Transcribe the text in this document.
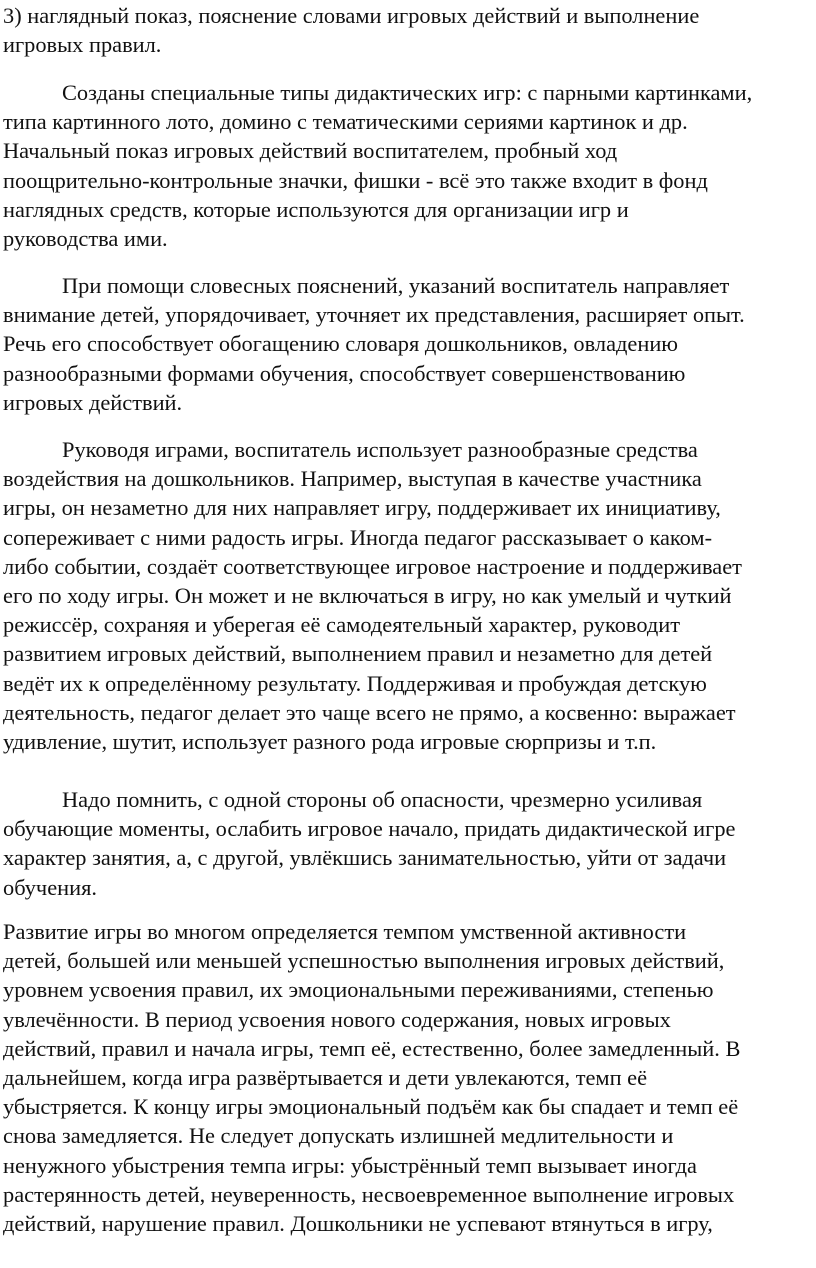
3) наглядный показ, пояснение словами игровых действий и выполнение
игровых правил.

Созданы специальные типы дидактических игр: с парными картинками,
типа картинного лото, домино с тематическими сериями картинок и др.
Начальный показ игровых действий воспитателем, пробный ход
поощрительно-контрольные значки, фишки - всё это также входит в фонд
наглядных средств, которые используются для организации игр и
руководства ими.

При помощи словесных пояснений, указаний воспитатель направляет
внимание детей, упорядочивает, уточняет их представления, расширяет опыт.
Речь его способствует обогащению словаря дошкольников, овладению
разнообразными формами обучения, способствует совершенствованию
игровых действий.

Руководя играми, воспитатель использует разнообразные средства
воздействия на дошкольников. Например, выступая в качестве участника
игры, он незаметно для них направляет игру, поддерживает их инициативу,
сопереживает с ними радость игры. Иногда педагог рассказывает о каком-
либо событии, создаёт соответствующее игровое настроение и поддерживает
его по ходу игры. Он может и не включаться в игру, но как умелый и чуткий
режиссёр, сохраняя и уберегая её самодеятельный характер, руководит
развитием игровых действий, выполнением правил и незаметно для детей
ведёт их к определённому результату. Поддерживая и пробуждая детскую
деятельность, педагог делает это чаще всего не прямо, а косвенно: выражает
удивление, шутит, использует разного рода игровые сюрпризы и т.п.

Надо помнить, с одной стороны об опасности, чрезмерно усиливая
обучающие моменты, ослабить игровое начало, придать дидактической игре
характер занятия, а, с другой, увлёкшись занимательностью, уйти от задачи
обучения.

Развитие игры во многом определяется темпом умственной активности
детей, большей или меньшей успешностью выполнения игровых действий,
уровнем усвоения правил, их эмоциональными переживаниями, степенью
увлечённости. В период усвоения нового содержания, новых игровых
действий, правил и начала игры, темп её, естественно, более замедленный. В
дальнейшем, когда игра развёртывается и дети увлекаются, темп её
убыстряется. К концу игры эмоциональный подъём как бы спадает и темп её
снова замедляется. Не следует допускать излишней медлительности и
ненужного убыстрения темпа игры: убыстрённый темп вызывает иногда
растерянность детей, неуверенность, несвоевременное выполнение игровых
действий, нарушение правил. Дошкольники не успевают втянуться в игру,
